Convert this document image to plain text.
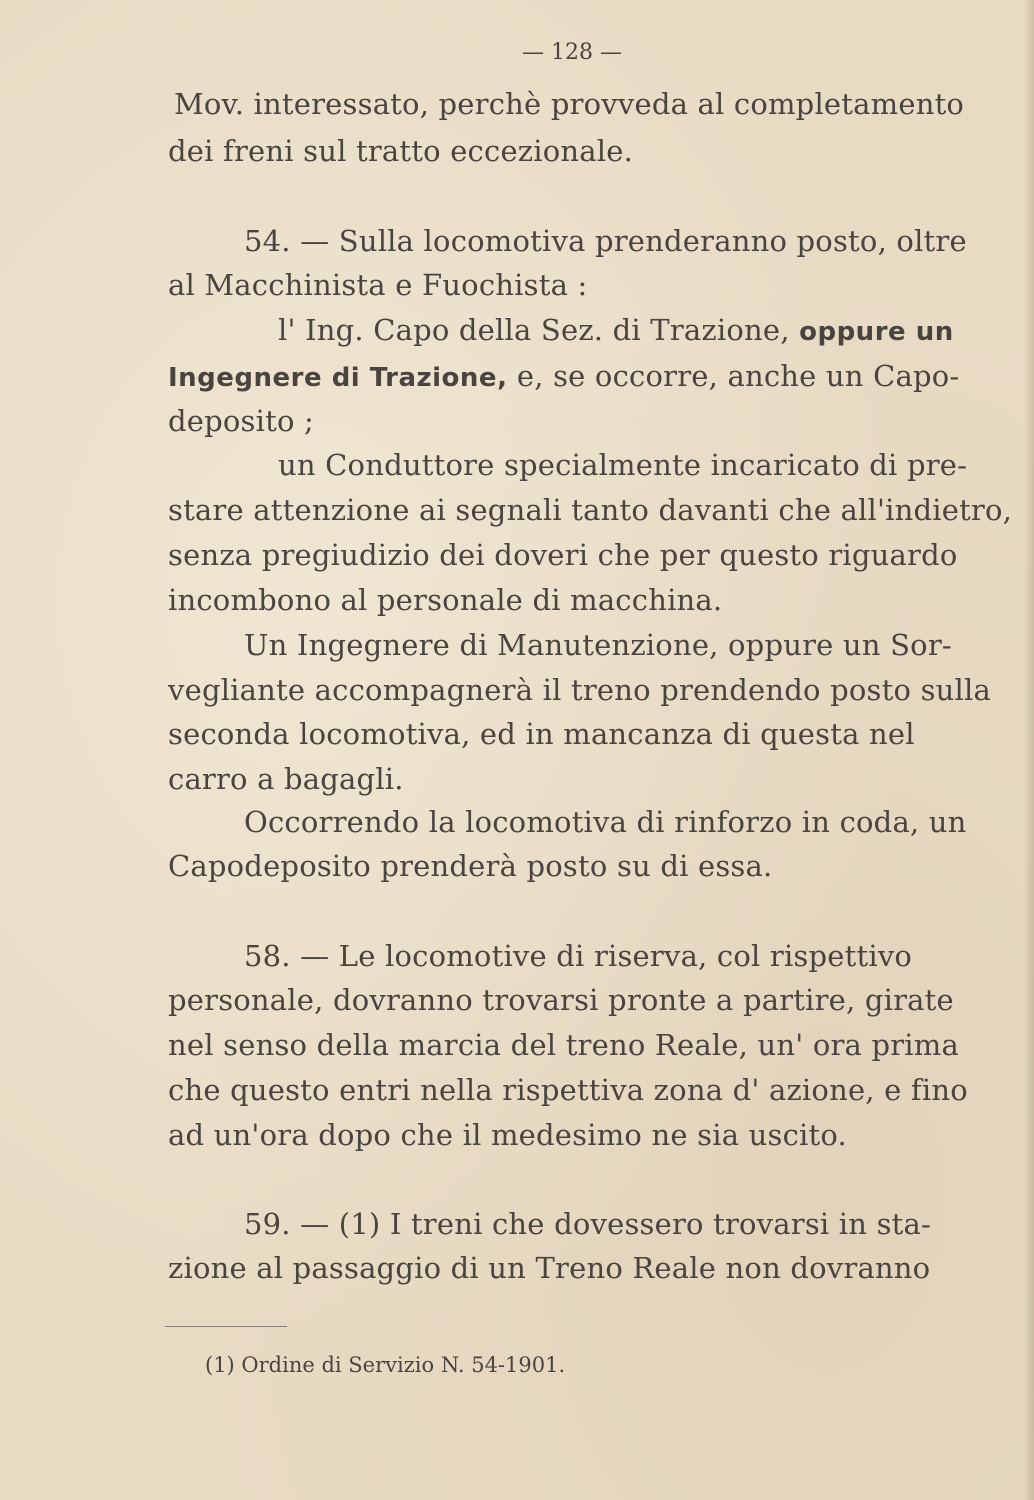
— 128 —
Mov. interessato, perchè provveda al completamento
dei freni sul tratto eccezionale.
54. — Sulla locomotiva prenderanno posto, oltre
al Macchinista e Fuochista :
l' Ing. Capo della Sez. di Trazione, oppure un
Ingegnere di Trazione, e, se occorre, anche un Capo-
deposito ;
un Conduttore specialmente incaricato di pre-
stare attenzione ai segnali tanto davanti che all'indietro,
senza pregiudizio dei doveri che per questo riguardo
incombono al personale di macchina.
Un Ingegnere di Manutenzione, oppure un Sor-
vegliante accompagnerà il treno prendendo posto sulla
seconda locomotiva, ed in mancanza di questa nel
carro a bagagli.
Occorrendo la locomotiva di rinforzo in coda, un
Capodeposito prenderà posto su di essa.
58. — Le locomotive di riserva, col rispettivo
personale, dovranno trovarsi pronte a partire, girate
nel senso della marcia del treno Reale, un' ora prima
che questo entri nella rispettiva zona d' azione, e fino
ad un'ora dopo che il medesimo ne sia uscito.
59. — (1) I treni che dovessero trovarsi in sta-
zione al passaggio di un Treno Reale non dovranno
(1) Ordine di Servizio N. 54-1901.
